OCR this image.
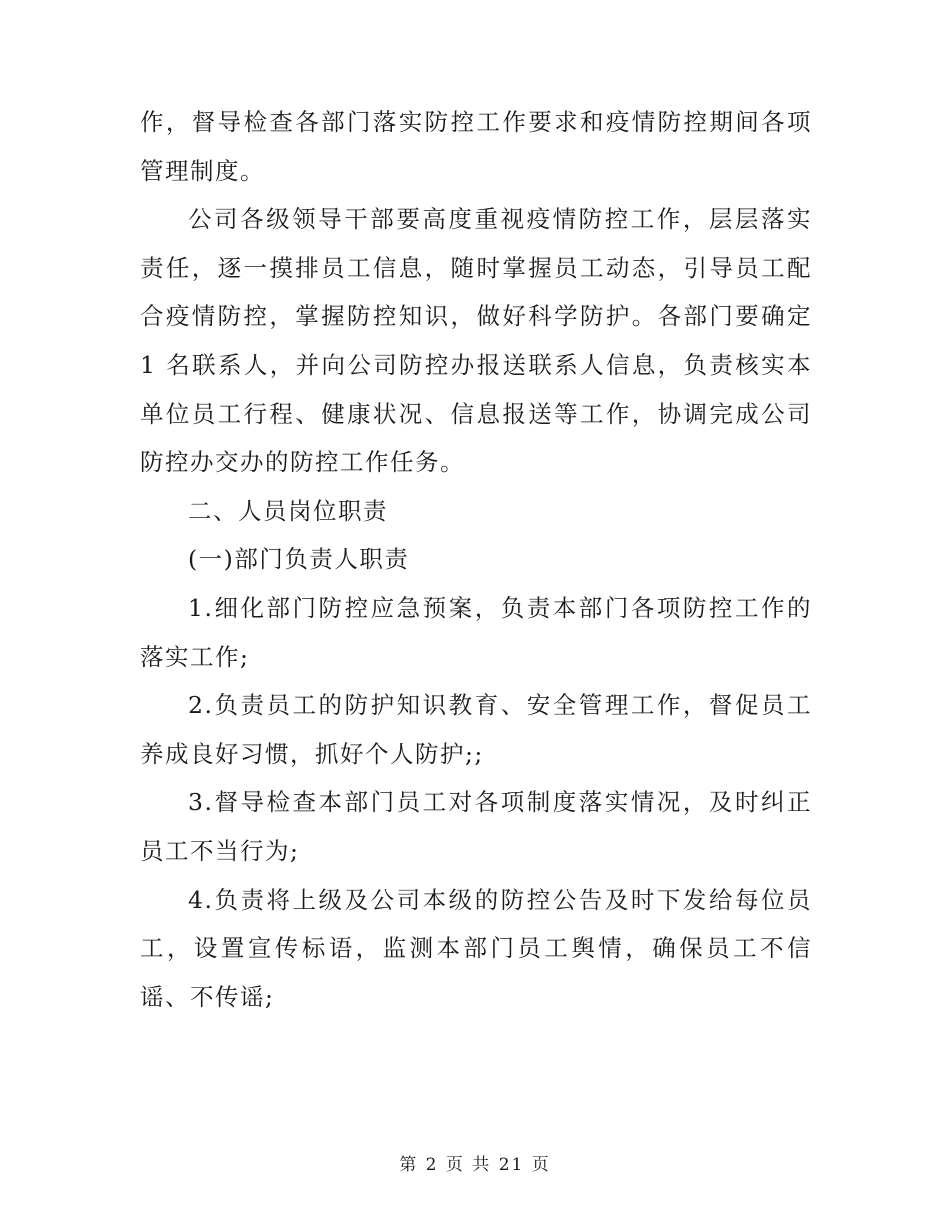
作，督导检查各部门落实防控工作要求和疫情防控期间各项管理制度。

公司各级领导干部要高度重视疫情防控工作，层层落实责任，逐一摸排员工信息，随时掌握员工动态，引导员工配合疫情防控，掌握防控知识，做好科学防护。各部门要确定 1 名联系人，并向公司防控办报送联系人信息，负责核实本单位员工行程、健康状况、信息报送等工作，协调完成公司防控办交办的防控工作任务。

二、人员岗位职责

(一)部门负责人职责

1.细化部门防控应急预案，负责本部门各项防控工作的落实工作;

2.负责员工的防护知识教育、安全管理工作，督促员工养成良好习惯，抓好个人防护;;

3.督导检查本部门员工对各项制度落实情况，及时纠正员工不当行为;

4.负责将上级及公司本级的防控公告及时下发给每位员工，设置宣传标语，监测本部门员工舆情，确保员工不信谣、不传谣;

第 2 页 共 21 页
